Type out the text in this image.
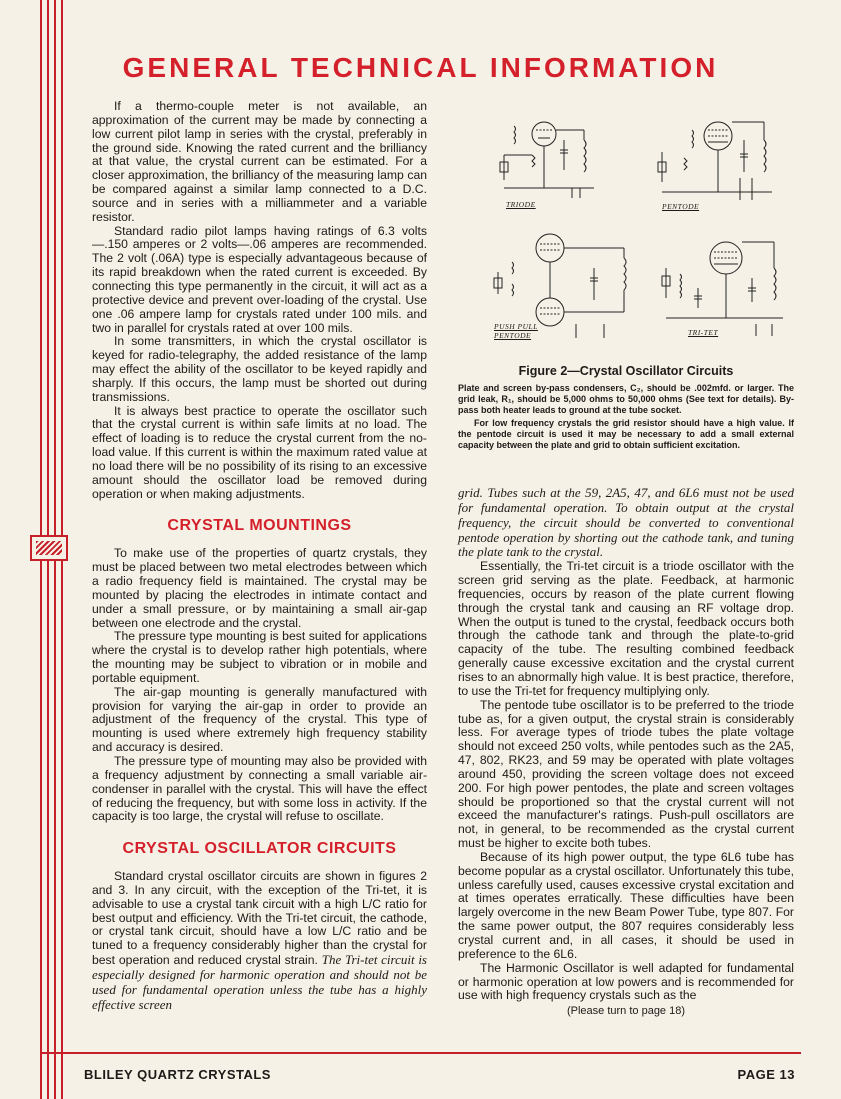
GENERAL TECHNICAL INFORMATION

If a thermo-couple meter is not available, an approximation of the current may be made by connecting a low current pilot lamp in series with the crystal, preferably in the ground side. Knowing the rated current and the brilliancy at that value, the crystal current can be estimated. For a closer approximation, the brilliancy of the measuring lamp can be compared against a similar lamp connected to a D.C. source and in series with a milliammeter and a variable resistor.

Standard radio pilot lamps having ratings of 6.3 volts —.150 amperes or 2 volts—.06 amperes are recommended. The 2 volt (.06A) type is especially advantageous because of its rapid breakdown when the rated current is exceeded. By connecting this type permanently in the circuit, it will act as a protective device and prevent over-loading of the crystal. Use one .06 ampere lamp for crystals rated under 100 mils. and two in parallel for crystals rated at over 100 mils.

In some transmitters, in which the crystal oscillator is keyed for radio-telegraphy, the added resistance of the lamp may effect the ability of the oscillator to be keyed rapidly and sharply. If this occurs, the lamp must be shorted out during transmissions.

It is always best practice to operate the oscillator such that the crystal current is within safe limits at no load. The effect of loading is to reduce the crystal current from the no-load value. If this current is within the maximum rated value at no load there will be no possibility of its rising to an excessive amount should the oscillator load be removed during operation or when making adjustments.

CRYSTAL MOUNTINGS

To make use of the properties of quartz crystals, they must be placed between two metal electrodes between which a radio frequency field is maintained. The crystal may be mounted by placing the electrodes in intimate contact and under a small pressure, or by maintaining a small air-gap between one electrode and the crystal.

The pressure type mounting is best suited for applications where the crystal is to develop rather high potentials, where the mounting may be subject to vibration or in mobile and portable equipment.

The air-gap mounting is generally manufactured with provision for varying the air-gap in order to provide an adjustment of the frequency of the crystal. This type of mounting is used where extremely high frequency stability and accuracy is desired.

The pressure type of mounting may also be provided with a frequency adjustment by connecting a small variable air-condenser in parallel with the crystal. This will have the effect of reducing the frequency, but with some loss in activity. If the capacity is too large, the crystal will refuse to oscillate.

CRYSTAL OSCILLATOR CIRCUITS

Standard crystal oscillator circuits are shown in figures 2 and 3. In any circuit, with the exception of the Tri-tet, it is advisable to use a crystal tank circuit with a high L/C ratio for best output and efficiency. With the Tri-tet circuit, the cathode, or crystal tank circuit, should have a low L/C ratio and be tuned to a frequency considerably higher than the crystal for best operation and reduced crystal strain. The Tri-tet circuit is especially designed for harmonic operation and should not be used for fundamental operation unless the tube has a highly effective screen

TRIODE	PENTODE
PUSH PULL
PENTODE	TRI-TET
Figure 2—Crystal Oscillator Circuits

Plate and screen by-pass condensers, C₂, should be .002mfd. or larger. The grid leak, R₁, should be 5,000 ohms to 50,000 ohms (See text for details). By-pass both heater leads to ground at the tube socket.

For low frequency crystals the grid resistor should have a high value. If the pentode circuit is used it may be necessary to add a small external capacity between the plate and grid to obtain sufficient excitation.

grid. Tubes such at the 59, 2A5, 47, and 6L6 must not be used for fundamental operation. To obtain output at the crystal frequency, the circuit should be converted to conventional pentode operation by shorting out the cathode tank, and tuning the plate tank to the crystal.

Essentially, the Tri-tet circuit is a triode oscillator with the screen grid serving as the plate. Feedback, at harmonic frequencies, occurs by reason of the plate current flowing through the crystal tank and causing an RF voltage drop. When the output is tuned to the crystal, feedback occurs both through the cathode tank and through the plate-to-grid capacity of the tube. The resulting combined feedback generally cause excessive excitation and the crystal current rises to an abnormally high value. It is best practice, therefore, to use the Tri-tet for frequency multiplying only.

The pentode tube oscillator is to be preferred to the triode tube as, for a given output, the crystal strain is considerably less. For average types of triode tubes the plate voltage should not exceed 250 volts, while pentodes such as the 2A5, 47, 802, RK23, and 59 may be operated with plate voltages around 450, providing the screen voltage does not exceed 200. For high power pentodes, the plate and screen voltages should be proportioned so that the crystal current will not exceed the manufacturer's ratings. Push-pull oscillators are not, in general, to be recommended as the crystal current must be higher to excite both tubes.

Because of its high power output, the type 6L6 tube has become popular as a crystal oscillator. Unfortunately this tube, unless carefully used, causes excessive crystal excitation and at times operates erratically. These difficulties have been largely overcome in the new Beam Power Tube, type 807. For the same power output, the 807 requires considerably less crystal current and, in all cases, it should be used in preference to the 6L6.

The Harmonic Oscillator is well adapted for fundamental or harmonic operation at low powers and is recommended for use with high frequency crystals such as the

(Please turn to page 18)

BLILEY QUARTZ CRYSTALS	PAGE 13
